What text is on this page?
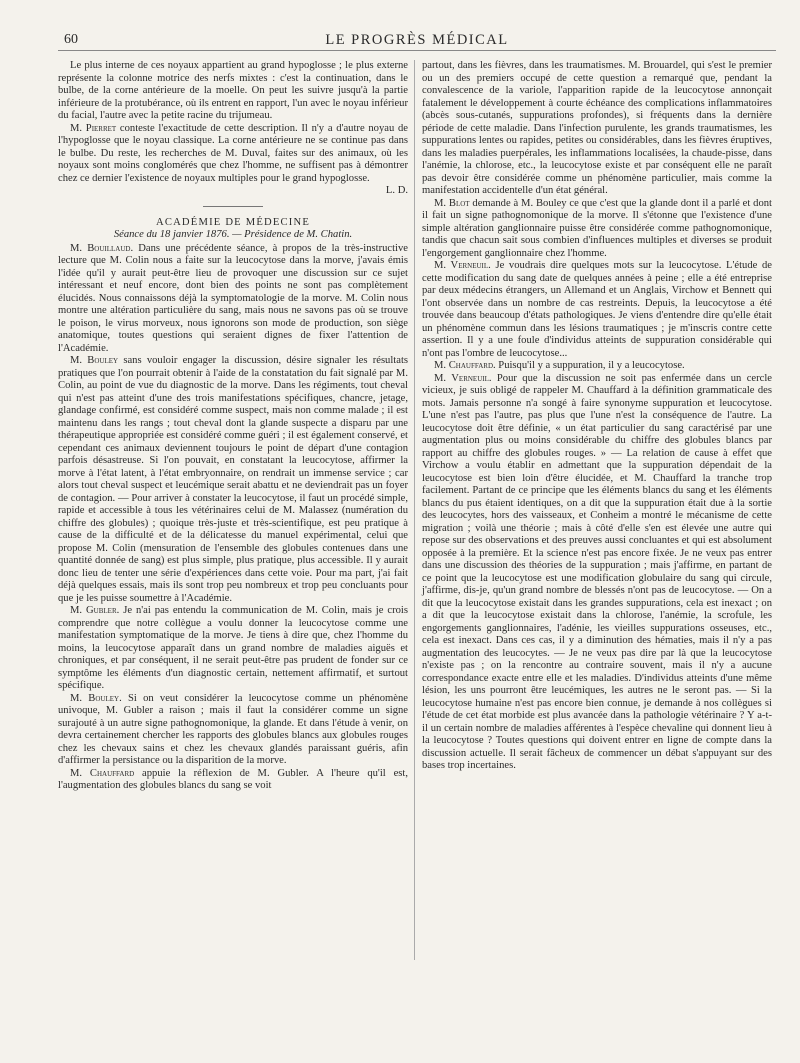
60	LE PROGRÈS MÉDICAL

Le plus interne de ces noyaux appartient au grand hypoglosse ; le plus externe représente la colonne motrice des nerfs mixtes : c'est la continuation, dans le bulbe, de la corne antérieure de la moelle. On peut les suivre jusqu'à la partie inférieure de la protubérance, où ils entrent en rapport, l'un avec le noyau inférieur du facial, l'autre avec la petite racine du trijumeau.

M. Pierret conteste l'exactitude de cette description. Il n'y a d'autre noyau de l'hypoglosse que le noyau classique. La corne antérieure ne se continue pas dans le bulbe. Du reste, les recherches de M. Duval, faites sur des animaux, où les noyaux sont moins conglomérés que chez l'homme, ne suffisent pas à démontrer chez ce dernier l'existence de noyaux multiples pour le grand hypoglosse.

L. D.

ACADÉMIE DE MÉDECINE

Séance du 18 janvier 1876. — Présidence de M. Chatin.

M. Bouillaud. Dans une précédente séance, à propos de la très-instructive lecture que M. Colin nous a faite sur la leucocytose dans la morve, j'avais émis l'idée qu'il y aurait peut-être lieu de provoquer une discussion sur ce sujet intéressant et neuf encore, dont bien des points ne sont pas complètement élucidés. Nous connaissons déjà la symptomatologie de la morve. M. Colin nous montre une altération particulière du sang, mais nous ne savons pas où se trouve le poison, le virus morveux, nous ignorons son mode de production, son siège anatomique, toutes questions qui seraient dignes de fixer l'attention de l'Académie.

M. Bouley sans vouloir engager la discussion, désire signaler les résultats pratiques que l'on pourrait obtenir à l'aide de la constatation du fait signalé par M. Colin, au point de vue du diagnostic de la morve. Dans les régiments, tout cheval qui n'est pas atteint d'une des trois manifestations spécifiques, chancre, jetage, glandage confirmé, est considéré comme suspect, mais non comme malade ; il est maintenu dans les rangs ; tout cheval dont la glande suspecte a disparu par une thérapeutique appropriée est considéré comme guéri ; il est également conservé, et cependant ces animaux deviennent toujours le point de départ d'une contagion parfois désastreuse. Si l'on pouvait, en constatant la leucocytose, affirmer la morve à l'état latent, à l'état embryonnaire, on rendrait un immense service ; car alors tout cheval suspect et leucémique serait abattu et ne deviendrait pas un foyer de contagion. — Pour arriver à constater la leucocytose, il faut un procédé simple, rapide et accessible à tous les vétérinaires celui de M. Malassez (numération du chiffre des globules) ; quoique très-juste et très-scientifique, est peu pratique à cause de la difficulté et de la délicatesse du manuel expérimental, celui que propose M. Colin (mensuration de l'ensemble des globules contenues dans une quantité donnée de sang) est plus simple, plus pratique, plus accessible. Il y aurait donc lieu de tenter une série d'expériences dans cette voie. Pour ma part, j'ai fait déjà quelques essais, mais ils sont trop peu nombreux et trop peu concluants pour que je les puisse soumettre à l'Académie.

M. Gubler. Je n'ai pas entendu la communication de M. Colin, mais je crois comprendre que notre collègue a voulu donner la leucocytose comme une manifestation symptomatique de la morve. Je tiens à dire que, chez l'homme du moins, la leucocytose apparaît dans un grand nombre de maladies aiguës et chroniques, et par conséquent, il ne serait peut-être pas prudent de fonder sur ce symptôme les éléments d'un diagnostic certain, nettement affirmatif, et surtout spécifique.

M. Bouley. Si on veut considérer la leucocytose comme un phénomène univoque, M. Gubler a raison ; mais il faut la considérer comme un signe surajouté à un autre signe pathognomonique, la glande. Et dans l'étude à venir, on devra certainement chercher les rapports des globules blancs aux globules rouges chez les chevaux sains et chez les chevaux glandés paraissant guéris, afin d'affirmer la persistance ou la disparition de la morve.

M. Chauffard appuie la réflexion de M. Gubler. A l'heure qu'il est, l'augmentation des globules blancs du sang se voit

partout, dans les fièvres, dans les traumatismes. M. Brouardel, qui s'est le premier ou un des premiers occupé de cette question a remarqué que, pendant la convalescence de la variole, l'apparition rapide de la leucocytose annonçait fatalement le développement à courte échéance des complications inflammatoires (abcès sous-cutanés, suppurations profondes), si fréquents dans la dernière période de cette maladie. Dans l'infection purulente, les grands traumatismes, les suppurations lentes ou rapides, petites ou considérables, dans les fièvres éruptives, dans les maladies puerpérales, les inflammations localisées, la chaude-pisse, dans l'anémie, la chlorose, etc., la leucocytose existe et par conséquent elle ne paraît pas devoir être considérée comme un phénomène particulier, mais comme la manifestation accidentelle d'un état général.

M. Blot demande à M. Bouley ce que c'est que la glande dont il a parlé et dont il fait un signe pathognomonique de la morve. Il s'étonne que l'existence d'une simple altération ganglionnaire puisse être considérée comme pathognomonique, tandis que chacun sait sous combien d'influences multiples et diverses se produit l'engorgement ganglionnaire chez l'homme.

M. Verneuil. Je voudrais dire quelques mots sur la leucocytose. L'étude de cette modification du sang date de quelques années à peine ; elle a été entreprise par deux médecins étrangers, un Allemand et un Anglais, Virchow et Bennett qui l'ont observée dans un nombre de cas restreints. Depuis, la leucocytose a été trouvée dans beaucoup d'états pathologiques. Je viens d'entendre dire qu'elle était un phénomène commun dans les lésions traumatiques ; je m'inscris contre cette assertion. Il y a une foule d'individus atteints de suppuration considérable qui n'ont pas l'ombre de leucocytose...

M. Chauffard. Puisqu'il y a suppuration, il y a leucocytose.

M. Verneuil. Pour que la discussion ne soit pas enfermée dans un cercle vicieux, je suis obligé de rappeler M. Chauffard à la définition grammaticale des mots. Jamais personne n'a songé à faire synonyme suppuration et leucocytose. L'une n'est pas l'autre, pas plus que l'une n'est la conséquence de l'autre. La leucocytose doit être définie, « un état particulier du sang caractérisé par une augmentation plus ou moins considérable du chiffre des globules blancs par rapport au chiffre des globules rouges. » — La relation de cause à effet que Virchow a voulu établir en admettant que la suppuration dépendait de la leucocytose est bien loin d'être élucidée, et M. Chauffard la tranche trop facilement. Partant de ce principe que les éléments blancs du sang et les éléments blancs du pus étaient identiques, on a dit que la suppuration était due à la sortie des leucocytes, hors des vaisseaux, et Conheim a montré le mécanisme de cette migration ; voilà une théorie ; mais à côté d'elle s'en est élevée une autre qui repose sur des observations et des preuves aussi concluantes et qui est absolument opposée à la première. Et la science n'est pas encore fixée. Je ne veux pas entrer dans une discussion des théories de la suppuration ; mais j'affirme, en partant de ce point que la leucocytose est une modification globulaire du sang qui circule, j'affirme, dis-je, qu'un grand nombre de blessés n'ont pas de leucocytose. — On a dit que la leucocytose existait dans les grandes suppurations, cela est inexact ; on a dit que la leucocytose existait dans la chlorose, l'anémie, la scrofule, les engorgements ganglionnaires, l'adénie, les vieilles suppurations osseuses, etc., cela est inexact. Dans ces cas, il y a diminution des hématies, mais il n'y a pas augmentation des leucocytes. — Je ne veux pas dire par là que la leucocytose n'existe pas ; on la rencontre au contraire souvent, mais il n'y a aucune correspondance exacte entre elle et les maladies. D'individus atteints d'une même lésion, les uns pourront être leucémiques, les autres ne le seront pas. — Si la leucocytose humaine n'est pas encore bien connue, je demande à nos collègues si l'étude de cet état morbide est plus avancée dans la pathologie vétérinaire ? Y a-t-il un certain nombre de maladies afférentes à l'espèce chevaline qui donnent lieu à la leucocytose ? Toutes questions qui doivent entrer en ligne de compte dans la discussion actuelle. Il serait fâcheux de commencer un débat s'appuyant sur des bases trop incertaines.
